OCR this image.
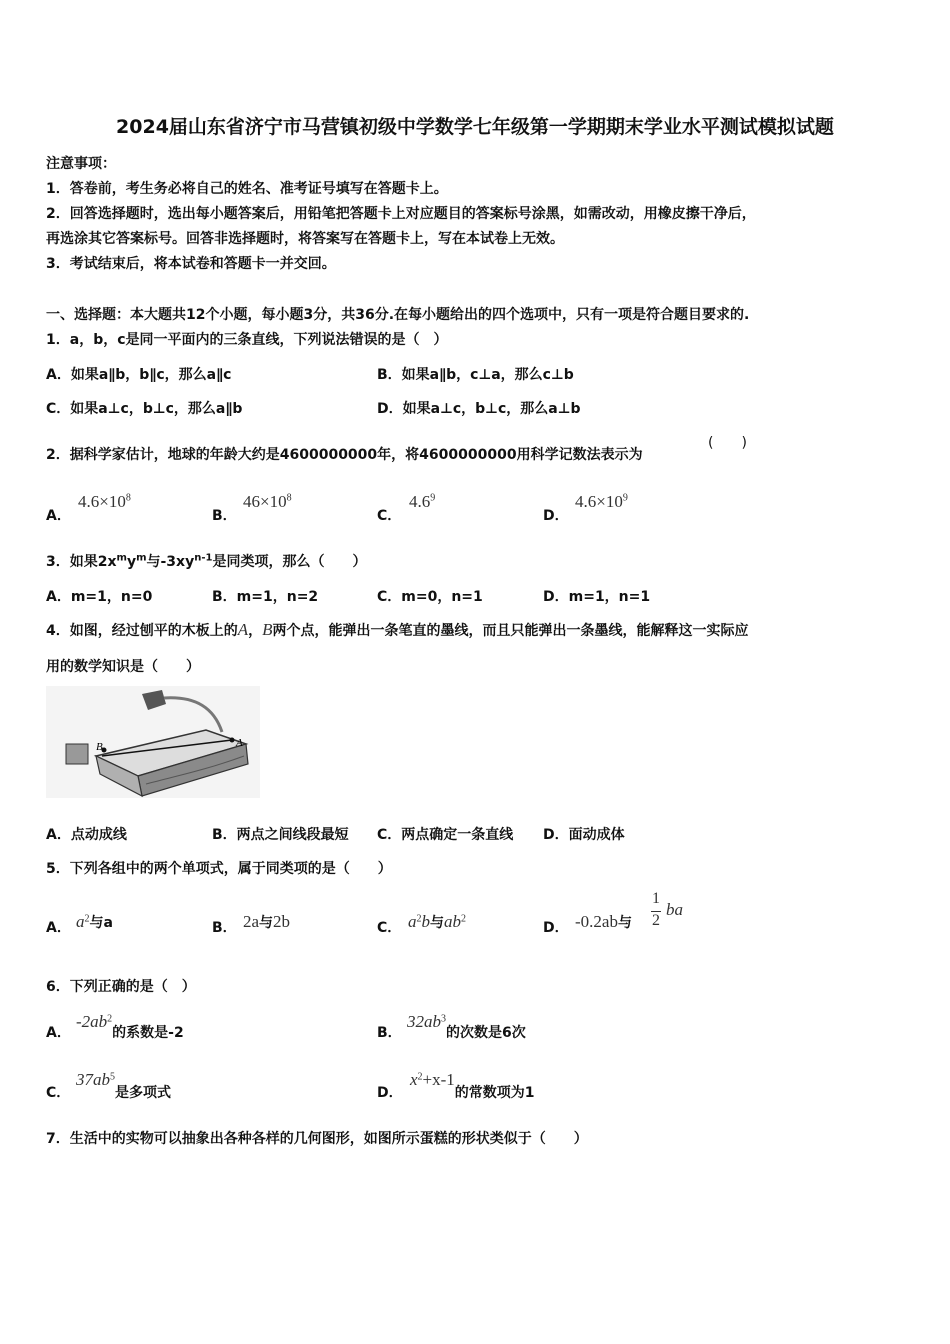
2024届山东省济宁市马营镇初级中学数学七年级第一学期期末学业水平测试模拟试题
注意事项：
1．答卷前，考生务必将自己的姓名、准考证号填写在答题卡上。
2．回答选择题时，选出每小题答案后，用铅笔把答题卡上对应题目的答案标号涂黑，如需改动，用橡皮擦干净后，
再选涂其它答案标号。回答非选择题时，将答案写在答题卡上，写在本试卷上无效。
3．考试结束后，将本试卷和答题卡一并交回。
一、选择题：本大题共12个小题，每小题3分，共36分.在每小题给出的四个选项中，只有一项是符合题目要求的.
1．a，b，c是同一平面内的三条直线，下列说法错误的是（　）
A．如果a∥b，b∥c，那么a∥c	B．如果a∥b，c⊥a，那么c⊥b
C．如果a⊥c，b⊥c，那么a∥b	D．如果a⊥c，b⊥c，那么a⊥b
2．据科学家估计，地球的年龄大约是4600000000年，将4600000000用科学记数法表示为
(　　)
A．
$4.6\times 10^8$
B．
$46\times 10^8$
C．
$4.6^9$
D．
$4.6\times 10^9$
3．如果$2x^my^m$与$-3xy^{n-1}$是同类项，那么（　　）
A．m=1，n=0	B．m=1，n=2	C．m=0，n=1	D．m=1，n=1
4．如图，经过刨平的木板上的A，B两个点，能弹出一条笔直的墨线，而且只能弹出一条墨线，能解释这一实际应
用的数学知识是（　　）
A
B
A．点动成线	B．两点之间线段最短 C．两点确定一条直线 D．面动成体
5．下列各组中的两个单项式，属于同类项的是（　　）
A． $a^2$与a	B． 2a与2b	C． $a^2b$与$ab^2$
D． -0.2ab与
1
2
ba
6．下列正确的是（　）
A．
$-2ab^2$的系数是-2	B．
$32ab^3$的次数是6次
C．
$37ab^5$是多项式	D．
$x^2+x-1$的常数项为1
7．生活中的实物可以抽象出各种各样的几何图形，如图所示蛋糕的形状类似于（　　）
